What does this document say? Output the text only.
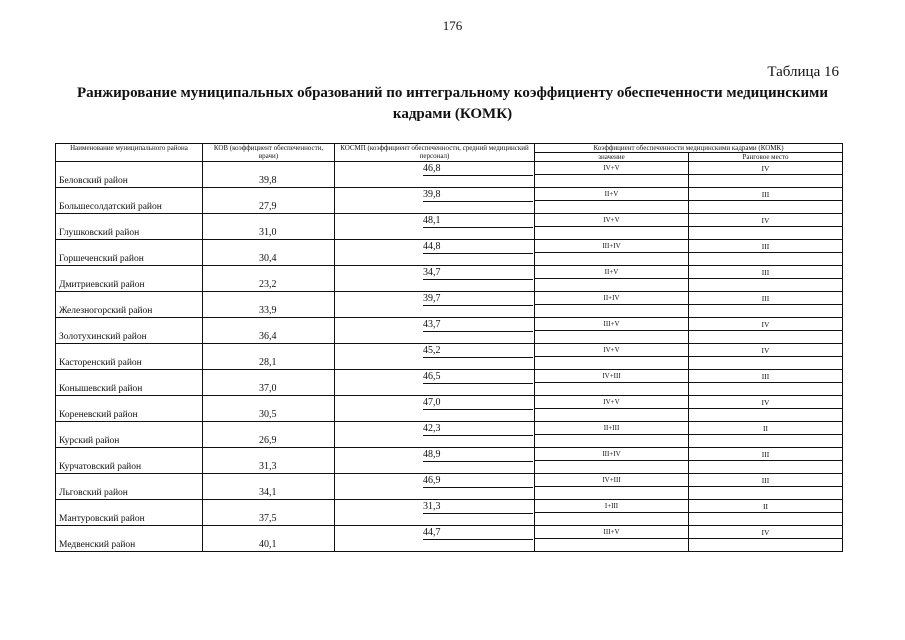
176
Таблица 16
Ранжирование муниципальных образований по интегральному коэффициенту обеспеченности медицинскими кадрами (КОМК)
Наименование муниципального района	КОВ (коэффициент обеспеченности, врачи)	КОСМП (коэффициент обеспеченности, средний медицинский персонал)	Коэффициент обеспеченности медицинскими кадрами (КОМК)	
			значение	Ранговое место

Беловский район	39,8	46,8	IV+V	IV

Большесолдатский район	27,9	39,8	II+V	III

Глушковский район	31,0	48,1	IV+V	IV

Горшеченский район	30,4	44,8	III+IV	III

Дмитриевский район	23,2	34,7	II+V	III

Железногорский район	33,9	39,7	II+IV	III

Золотухинский район	36,4	43,7	III+V	IV

Касторенский район	28,1	45,2	IV+V	IV

Конышевский район	37,0	46,5	IV+III	III

Кореневский район	30,5	47,0	IV+V	IV

Курский район	26,9	42,3	II+III	II

Курчатовский район	31,3	48,9	III+IV	III

Льговский район	34,1	46,9	IV+III	III

Мантуровский район	37,5	31,3	I+III	II

Медвенский район	40,1	44,7	III+V	IV
